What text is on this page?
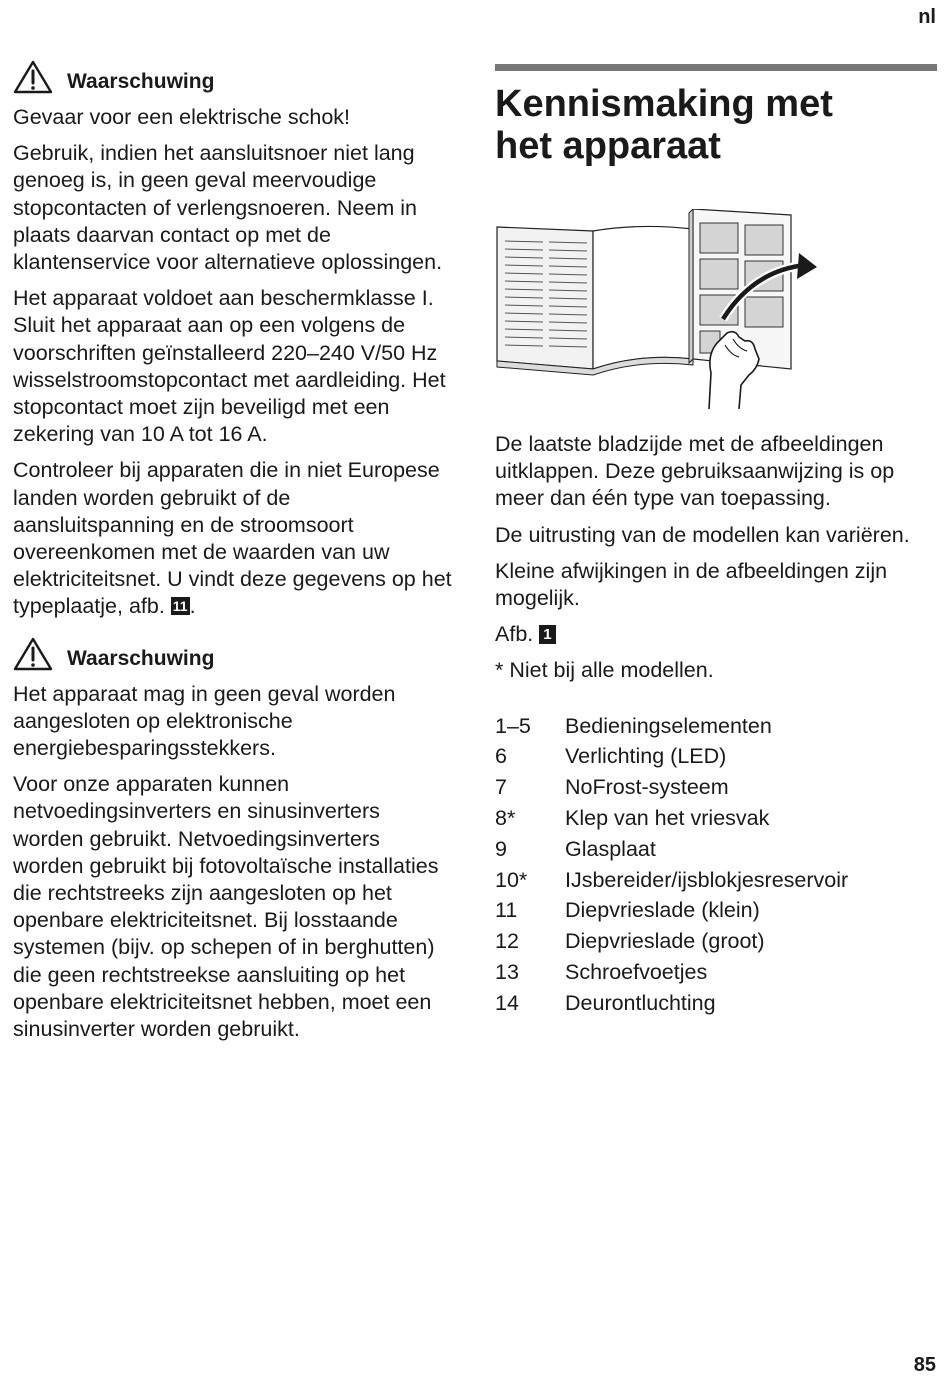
nl
Waarschuwing

Gevaar voor een elektrische schok!

Gebruik, indien het aansluitsnoer niet lang genoeg is, in geen geval meervoudige stopcontacten of verlengsnoeren. Neem in plaats daarvan contact op met de klantenservice voor alternatieve oplossingen.

Het apparaat voldoet aan beschermklasse I. Sluit het apparaat aan op een volgens de voorschriften geïnstalleerd 220–240 V/50 Hz wisselstroomstopcontact met aardleiding. Het stopcontact moet zijn beveiligd met een zekering van 10 A tot 16 A.

Controleer bij apparaten die in niet Europese landen worden gebruikt of de aansluitspanning en de stroomsoort overeenkomen met de waarden van uw elektriciteitsnet. U vindt deze gegevens op het typeplaatje, afb. 11.

Waarschuwing

Het apparaat mag in geen geval worden aangesloten op elektronische energiebesparingsstekkers.

Voor onze apparaten kunnen netvoedingsinverters en sinusinverters worden gebruikt. Netvoedingsinverters worden gebruikt bij fotovoltaïsche installaties die rechtstreeks zijn aangesloten op het openbare elektriciteitsnet. Bij losstaande systemen (bijv. op schepen of in berghutten) die geen rechtstreekse aansluiting op het openbare elektriciteitsnet hebben, moet een sinusinverter worden gebruikt.

Kennismaking met
het apparaat

De laatste bladzijde met de afbeeldingen uitklappen. Deze gebruiksaanwijzing is op meer dan één type van toepassing.

De uitrusting van de modellen kan variëren.

Kleine afwijkingen in de afbeeldingen zijn mogelijk.

Afb. 1

* Niet bij alle modellen.

1–5	Bedieningselementen
6	Verlichting (LED)
7	NoFrost-systeem
8*	Klep van het vriesvak
9	Glasplaat
10*	IJsbereider/ijsblokjesreservoir
11	Diepvrieslade (klein)
12	Diepvrieslade (groot)
13	Schroefvoetjes
14	Deurontluchting
85
